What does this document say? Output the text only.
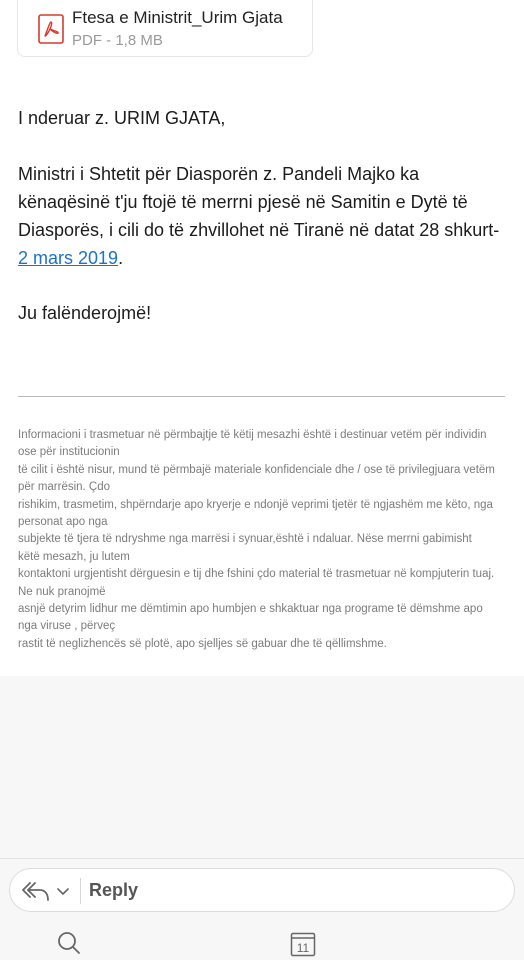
Ftesa e Ministrit_Urim Gjata
PDF - 1,8 MB
I nderuar z. URIM GJATA,
Ministri i Shtetit për Diasporën z. Pandeli Majko ka kënaqësinë t'ju ftojë të merrni pjesë në Samitin e Dytë të Diasporës, i cili do të zhvillohet në Tiranë në datat 28 shkurt- 2 mars 2019.
Ju falënderojmë!
Informacioni i trasmetuar në përmbajtje të këtij mesazhi është i destinuar vetëm për individin
ose për institucionin
të cilit i është nisur, mund të përmbajë materiale konfidenciale dhe / ose të privilegjuara vetëm
për marrësin. Çdo
rishikim, trasmetim, shpërndarje apo kryerje e ndonjë veprimi tjetër të ngjashëm me këto, nga
personat apo nga
subjekte të tjera të ndryshme nga marrësi i synuar,është i ndaluar. Nëse merrni gabimisht
këtë mesazh, ju lutem
kontaktoni urgjentisht dërguesin e tij dhe fshini çdo material të trasmetuar në kompjuterin tuaj.
Ne nuk pranojmë
asnjë detyrim lidhur me dëmtimin apo humbjen e shkaktuar nga programe të dëmshme apo
nga viruse , përveç
rastit të neglizhencës së plotë, apo sjelljes së gabuar dhe të qëllimshme.
Reply
11
